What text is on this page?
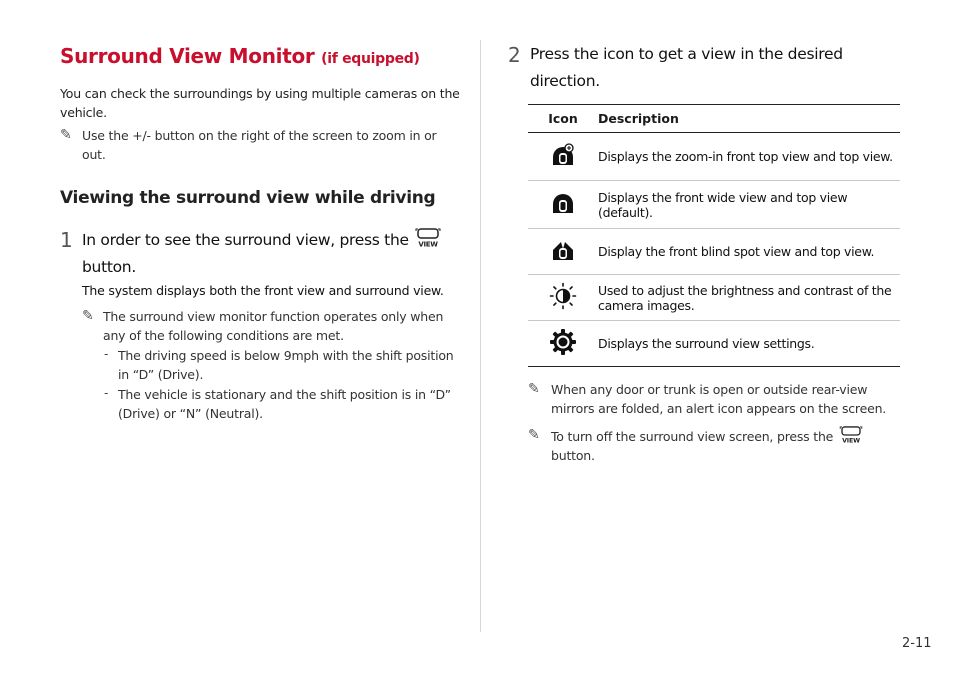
Surround View Monitor (if equipped)
You can check the surroundings by using multiple cameras on the vehicle.
✎ Use the +/- button on the right of the screen to zoom in or out.
Viewing the surround view while driving
1 In order to see the surround view, press the VIEW

button.
The system displays both the front view and surround view.
✎ The surround view monitor function operates only when any of the following conditions are met.
- The driving speed is below 9mph with the shift position in “D” (Drive).
- The vehicle is stationary and the shift position is in “D” (Drive) or “N” (Neutral).
2 Press the icon to get a view in the desired direction.
Icon	Description
	Displays the zoom-in front top view and top view.
	Displays the front wide view and top view (default).
	Display the front blind spot view and top view.
	Used to adjust the brightness and contrast of the camera images.
	Displays the surround view settings.
✎ When any door or trunk is open or outside rear-view mirrors are folded, an alert icon appears on the screen.
✎ To turn off the surround view screen, press the VIEW

button.
2-11
